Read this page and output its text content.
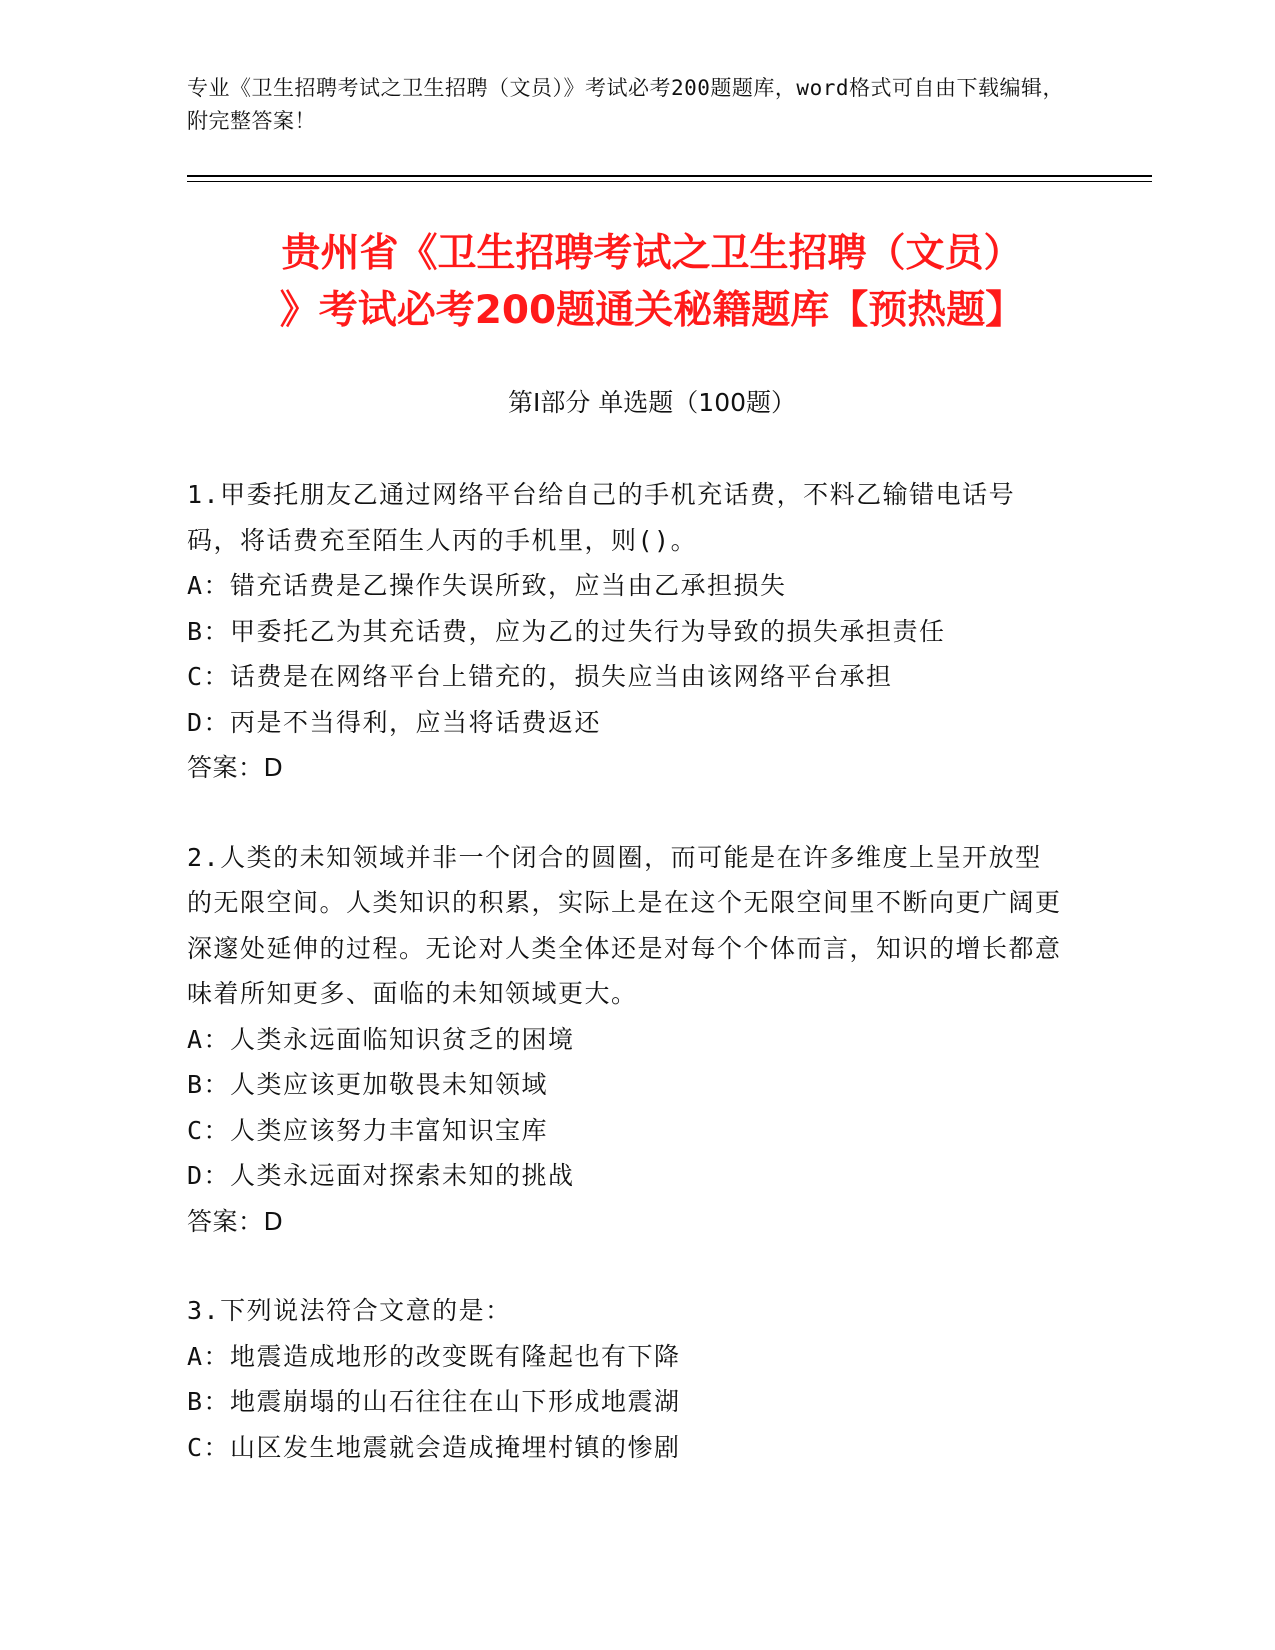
专业《卫生招聘考试之卫生招聘（文员）》考试必考200题题库，word格式可自由下载编辑，附完整答案！
贵州省《卫生招聘考试之卫生招聘（文员）
》考试必考200题通关秘籍题库【预热题】
第Ⅰ部分 单选题（100题）

1.甲委托朋友乙通过网络平台给自己的手机充话费，不料乙输错电话号码，将话费充至陌生人丙的手机里，则()。

A：错充话费是乙操作失误所致，应当由乙承担损失

B：甲委托乙为其充话费，应为乙的过失行为导致的损失承担责任

C：话费是在网络平台上错充的，损失应当由该网络平台承担

D：丙是不当得利，应当将话费返还

答案：D

2.人类的未知领域并非一个闭合的圆圈，而可能是在许多维度上呈开放型的无限空间。人类知识的积累，实际上是在这个无限空间里不断向更广阔更深邃处延伸的过程。无论对人类全体还是对每个个体而言，知识的增长都意味着所知更多、面临的未知领域更大。

A：人类永远面临知识贫乏的困境

B：人类应该更加敬畏未知领域

C：人类应该努力丰富知识宝库

D：人类永远面对探索未知的挑战

答案：D

3.下列说法符合文意的是：

A：地震造成地形的改变既有隆起也有下降

B：地震崩塌的山石往往在山下形成地震湖

C：山区发生地震就会造成掩埋村镇的惨剧
